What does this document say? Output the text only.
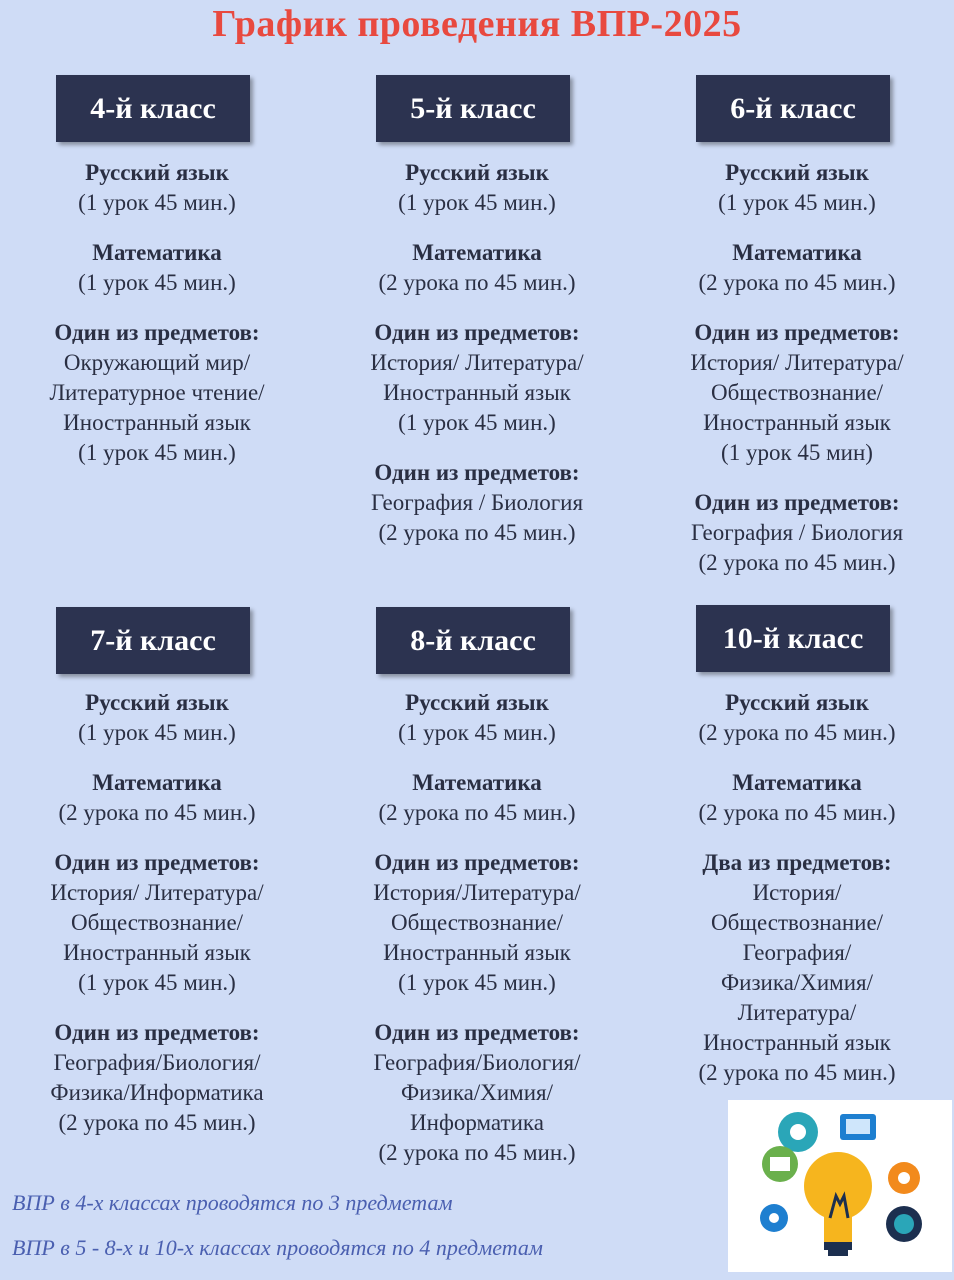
График проведения ВПР-2025
4-й класс
Русский язык
(1 урок 45 мин.)
Математика
(1 урок 45 мин.)
Один из предметов:
Окружающий мир/
Литературное чтение/
Иностранный язык
(1 урок 45 мин.)
5-й класс
Русский язык
(1 урок 45 мин.)
Математика
(2 урока по 45 мин.)
Один из предметов:
История/ Литература/
Иностранный язык
(1 урок 45 мин.)
Один из предметов:
География / Биология
(2 урока по 45 мин.)
6-й класс
Русский язык
(1 урок 45 мин.)
Математика
(2 урока по 45 мин.)
Один из предметов:
История/ Литература/
Обществознание/
Иностранный язык
(1 урок 45 мин)
Один из предметов:
География / Биология
(2 урока по 45 мин.)
7-й класс
Русский язык
(1 урок 45 мин.)
Математика
(2 урока по 45 мин.)
Один из предметов:
История/ Литература/
Обществознание/
Иностранный язык
(1 урок 45 мин.)
Один из предметов:
География/Биология/
Физика/Информатика
(2 урока по 45 мин.)
8-й класс
Русский язык
(1 урок 45 мин.)
Математика
(2 урока по 45 мин.)
Один из предметов:
История/Литература/
Обществознание/
Иностранный язык
(1 урок 45 мин.)
Один из предметов:
География/Биология/
Физика/Химия/
Информатика
(2 урока по 45 мин.)
10-й класс
Русский язык
(2 урока по 45 мин.)
Математика
(2 урока по 45 мин.)
Два из предметов:
История/
Обществознание/
География/
Физика/Химия/
Литература/
Иностранный язык
(2 урока по 45 мин.)
ВПР в 4-х классах проводятся по 3 предметам
ВПР в 5 - 8-х и 10-х классах проводятся по 4 предметам
